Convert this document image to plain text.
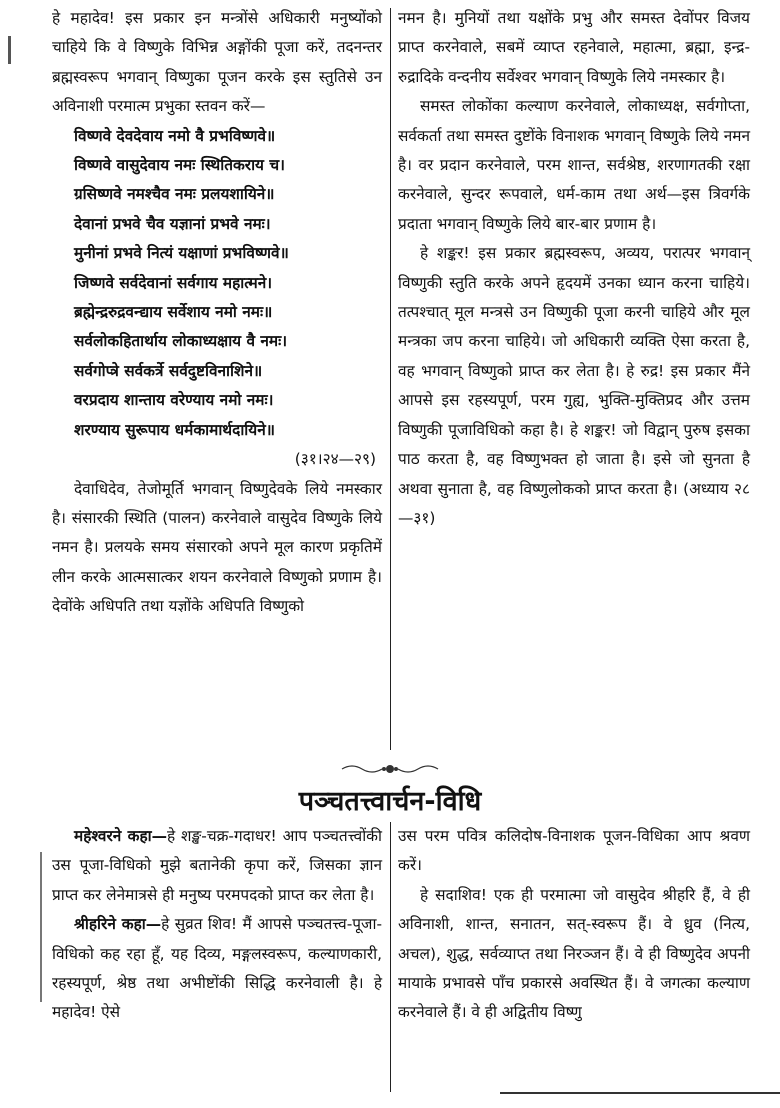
हे महादेव! इस प्रकार इन मन्त्रोंसे अधिकारी मनुष्योंको चाहिये कि वे विष्णुके विभिन्न अङ्गोंकी पूजा करें, तदनन्तर ब्रह्मस्वरूप भगवान् विष्णुका पूजन करके इस स्तुतिसे उन अविनाशी परमात्म प्रभुका स्तवन करें—

विष्णवे देवदेवाय नमो वै प्रभविष्णवे॥

विष्णवे वासुदेवाय नमः स्थितिकराय च।

ग्रसिष्णवे नमश्चैव नमः प्रलयशायिने॥

देवानां प्रभवे चैव यज्ञानां प्रभवे नमः।

मुनीनां प्रभवे नित्यं यक्षाणां प्रभविष्णवे॥

जिष्णवे सर्वदेवानां सर्वगाय महात्मने।

ब्रह्मेन्द्ररुद्रवन्द्याय सर्वेशाय नमो नमः॥

सर्वलोकहितार्थाय लोकाध्यक्षाय वै नमः।

सर्वगोप्त्रे सर्वकर्त्रे सर्वदुष्टविनाशिने॥

वरप्रदाय शान्ताय वरेण्याय नमो नमः।

शरण्याय सुरूपाय धर्मकामार्थदायिने॥

(३१।२४—२९)

देवाधिदेव, तेजोमूर्ति भगवान् विष्णुदेवके लिये नमस्कार है। संसारकी स्थिति (पालन) करनेवाले वासुदेव विष्णुके लिये नमन है। प्रलयके समय संसारको अपने मूल कारण प्रकृतिमें लीन करके आत्मसात्कर शयन करनेवाले विष्णुको प्रणाम है। देवोंके अधिपति तथा यज्ञोंके अधिपति विष्णुको

नमन है। मुनियों तथा यक्षोंके प्रभु और समस्त देवोंपर विजय प्राप्त करनेवाले, सबमें व्याप्त रहनेवाले, महात्मा, ब्रह्मा, इन्द्र-रुद्रादिके वन्दनीय सर्वेश्वर भगवान् विष्णुके लिये नमस्कार है।

समस्त लोकोंका कल्याण करनेवाले, लोकाध्यक्ष, सर्वगोप्ता, सर्वकर्ता तथा समस्त दुष्टोंके विनाशक भगवान् विष्णुके लिये नमन है। वर प्रदान करनेवाले, परम शान्त, सर्वश्रेष्ठ, शरणागतकी रक्षा करनेवाले, सुन्दर रूपवाले, धर्म-काम तथा अर्थ—इस त्रिवर्गके प्रदाता भगवान् विष्णुके लिये बार-बार प्रणाम है।

हे शङ्कर! इस प्रकार ब्रह्मस्वरूप, अव्यय, परात्पर भगवान् विष्णुकी स्तुति करके अपने हृदयमें उनका ध्यान करना चाहिये। तत्पश्चात् मूल मन्त्रसे उन विष्णुकी पूजा करनी चाहिये और मूल मन्त्रका जप करना चाहिये। जो अधिकारी व्यक्ति ऐसा करता है, वह भगवान् विष्णुको प्राप्त कर लेता है। हे रुद्र! इस प्रकार मैंने आपसे इस रहस्यपूर्ण, परम गुह्य, भुक्ति-मुक्तिप्रद और उत्तम विष्णुकी पूजाविधिको कहा है। हे शङ्कर! जो विद्वान् पुरुष इसका पाठ करता है, वह विष्णुभक्त हो जाता है। इसे जो सुनता है अथवा सुनाता है, वह विष्णुलोकको प्राप्त करता है। (अध्याय २८—३१)

पञ्चतत्त्वार्चन-विधि

महेश्वरने कहा—हे शङ्ख-चक्र-गदाधर! आप पञ्चतत्त्वोंकी उस पूजा-विधिको मुझे बतानेकी कृपा करें, जिसका ज्ञान प्राप्त कर लेनेमात्रसे ही मनुष्य परमपदको प्राप्त कर लेता है।

श्रीहरिने कहा—हे सुव्रत शिव! मैं आपसे पञ्चतत्त्व-पूजा-विधिको कह रहा हूँ, यह दिव्य, मङ्गलस्वरूप, कल्याणकारी, रहस्यपूर्ण, श्रेष्ठ तथा अभीष्टोंकी सिद्धि करनेवाली है। हे महादेव! ऐसे

उस परम पवित्र कलिदोष-विनाशक पूजन-विधिका आप श्रवण करें।

हे सदाशिव! एक ही परमात्मा जो वासुदेव श्रीहरि हैं, वे ही अविनाशी, शान्त, सनातन, सत्-स्वरूप हैं। वे ध्रुव (नित्य, अचल), शुद्ध, सर्वव्याप्त तथा निरञ्जन हैं। वे ही विष्णुदेव अपनी मायाके प्रभावसे पाँच प्रकारसे अवस्थित हैं। वे जगत्का कल्याण करनेवाले हैं। वे ही अद्वितीय विष्णु
